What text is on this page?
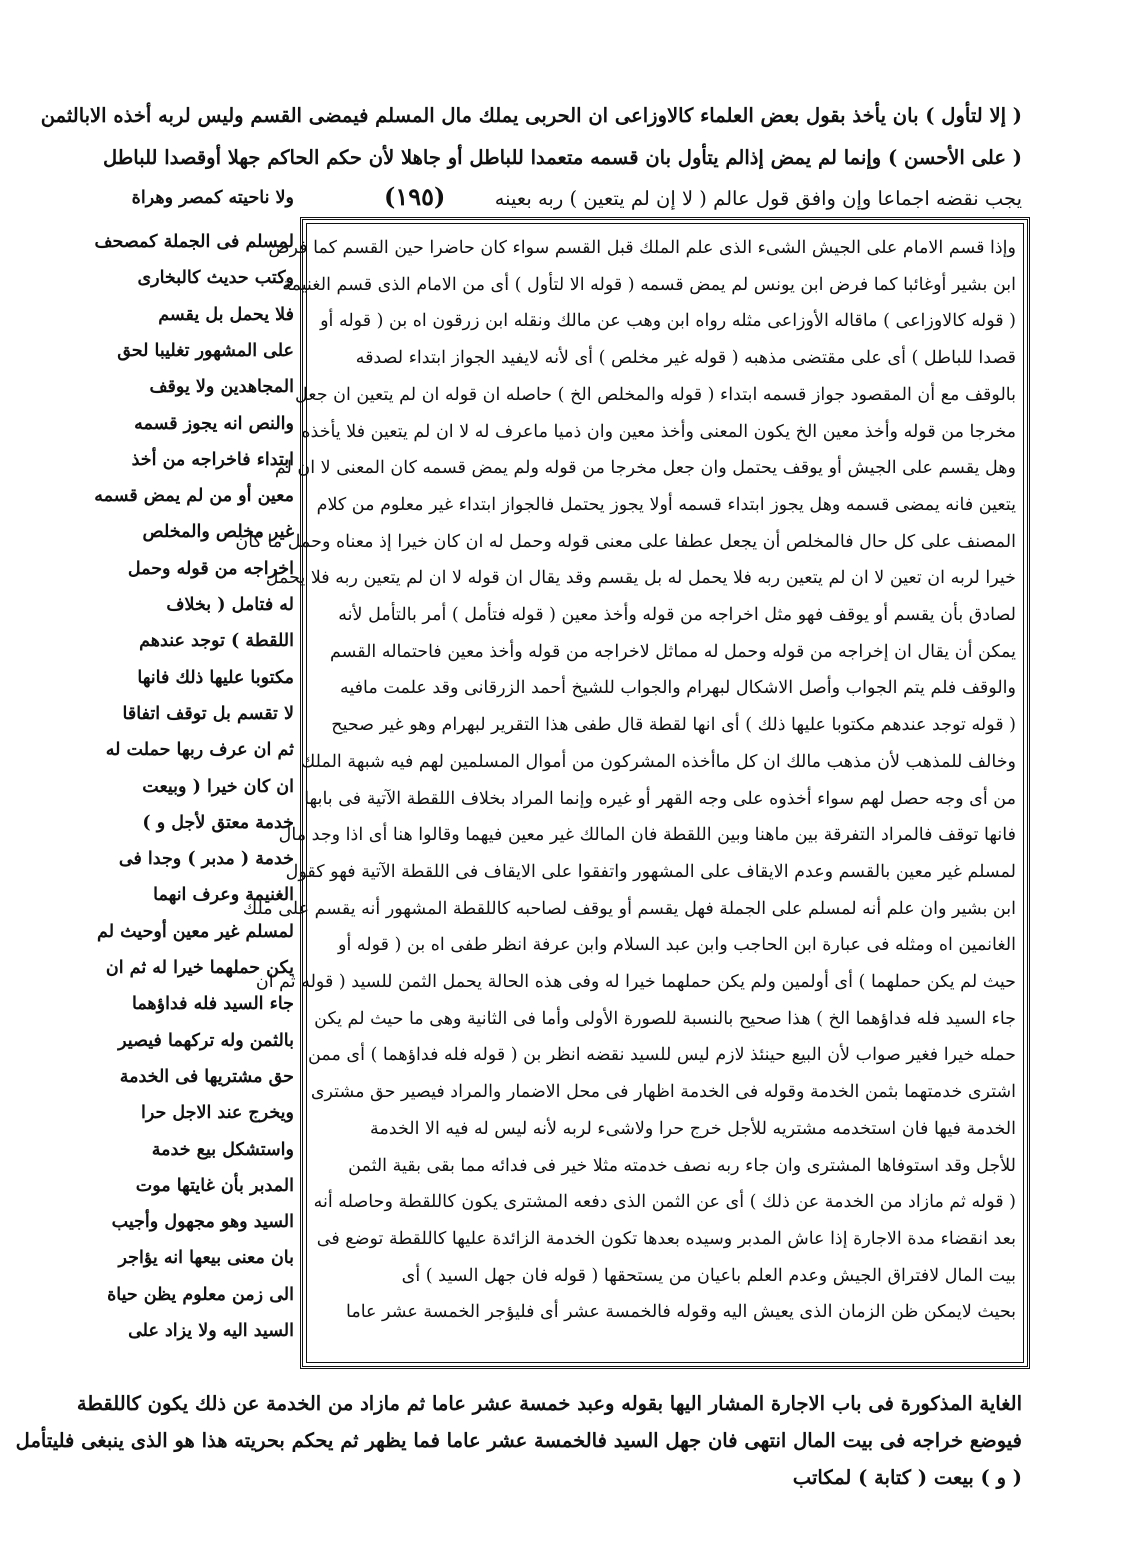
( إلا لتأول ) بان يأخذ بقول بعض العلماء كالاوزاعى ان الحربى يملك مال المسلم فيمضى القسم وليس لربه أخذه الابالثمن
( على الأحسن ) وإنما لم يمض إذالم يتأول بان قسمه متعمدا للباطل أو جاهلا لأن حكم الحاكم جهلا أوقصدا للباطل
يجب نقضه اجماعا وإن وافق قول عالم ( لا إن لم يتعين ) ربه بعينه
(١٩٥)
ولا ناحيته كمصر وهراة
وإذا قسم الامام على الجيش الشىء الذى علم الملك قبل القسم سواء كان حاضرا حين القسم كما فرض
ابن بشير أوغائبا كما فرض ابن يونس لم يمض قسمه ( قوله الا لتأول ) أى من الامام الذى قسم الغنيمة
( قوله كالاوزاعى ) ماقاله الأوزاعى مثله رواه ابن وهب عن مالك ونقله ابن زرقون اه بن ( قوله أو
قصدا للباطل ) أى على مقتضى مذهبه ( قوله غير مخلص ) أى لأنه لايفيد الجواز ابتداء لصدقه
بالوقف مع أن المقصود جواز قسمه ابتداء ( قوله والمخلص الخ ) حاصله ان قوله ان لم يتعين ان جعل
مخرجا من قوله وأخذ معين الخ يكون المعنى وأخذ معين وان ذميا ماعرف له لا ان لم يتعين فلا يأخذه
وهل يقسم على الجيش أو يوقف يحتمل وان جعل مخرجا من قوله ولم يمض قسمه كان المعنى لا ان لم
يتعين فانه يمضى قسمه وهل يجوز ابتداء قسمه أولا يجوز يحتمل فالجواز ابتداء غير معلوم من كلام
المصنف على كل حال فالمخلص أن يجعل عطفا على معنى قوله وحمل له ان كان خيرا إذ معناه وحمل ما كان
خيرا لربه ان تعين لا ان لم يتعين ربه فلا يحمل له بل يقسم وقد يقال ان قوله لا ان لم يتعين ربه فلا يحمل
لصادق بأن يقسم أو يوقف فهو مثل اخراجه من قوله وأخذ معين ( قوله فتأمل ) أمر بالتأمل لأنه
يمكن أن يقال ان إخراجه من قوله وحمل له مماثل لاخراجه من قوله وأخذ معين فاحتماله القسم
والوقف فلم يتم الجواب وأصل الاشكال لبهرام والجواب للشيخ أحمد الزرقانى وقد علمت مافيه
( قوله توجد عندهم مكتوبا عليها ذلك ) أى انها لقطة قال طفى هذا التقرير لبهرام وهو غير صحيح
وخالف للمذهب لأن مذهب مالك ان كل ماأخذه المشركون من أموال المسلمين لهم فيه شبهة الملك
من أى وجه حصل لهم سواء أخذوه على وجه القهر أو غيره وإنما المراد بخلاف اللقطة الآتية فى بابها
فانها توقف فالمراد التفرقة بين ماهنا وبين اللقطة فان المالك غير معين فيهما وقالوا هنا أى اذا وجد مال
لمسلم غير معين بالقسم وعدم الايقاف على المشهور واتفقوا على الايقاف فى اللقطة الآتية فهو كقول
ابن بشير وان علم أنه لمسلم على الجملة فهل يقسم أو يوقف لصاحبه كاللقطة المشهور أنه يقسم على ملك
الغانمين اه ومثله فى عبارة ابن الحاجب وابن عبد السلام وابن عرفة انظر طفى اه بن ( قوله أو
حيث لم يكن حملهما ) أى أولمين ولم يكن حملهما خيرا له وفى هذه الحالة يحمل الثمن للسيد ( قوله ثم ان
جاء السيد فله فداؤهما الخ ) هذا صحيح بالنسبة للصورة الأولى وأما فى الثانية وهى ما حيث لم يكن
حمله خيرا فغير صواب لأن البيع حينئذ لازم ليس للسيد نقضه انظر بن ( قوله فله فداؤهما ) أى ممن
اشترى خدمتهما بثمن الخدمة وقوله فى الخدمة اظهار فى محل الاضمار والمراد فيصير حق مشترى
الخدمة فيها فان استخدمه مشتريه للأجل خرج حرا ولاشىء لربه لأنه ليس له فيه الا الخدمة
للأجل وقد استوفاها المشترى وان جاء ربه نصف خدمته مثلا خير فى فدائه مما بقى بقية الثمن
( قوله ثم مازاد من الخدمة عن ذلك ) أى عن الثمن الذى دفعه المشترى يكون كاللقطة وحاصله أنه
بعد انقضاء مدة الاجارة إذا عاش المدبر وسيده بعدها تكون الخدمة الزائدة عليها كاللقطة توضع فى
بيت المال لافتراق الجيش وعدم العلم باعيان من يستحقها ( قوله فان جهل السيد ) أى
بحيث لايمكن ظن الزمان الذى يعيش اليه وقوله فالخمسة عشر أى فليؤجر الخمسة عشر عاما
لمسلم فى الجملة كمصحف
وكتب حديث كالبخارى
فلا يحمل بل يقسم
على المشهور تغليبا لحق
المجاهدين ولا يوقف
والنص انه يجوز قسمه
ابتداء فاخراجه من أخذ
معين أو من لم يمض قسمه
غير مخلص والمخلص
اخراجه من قوله وحمل
له فتامل ( بخلاف
اللقطة ) توجد عندهم
مكتوبا عليها ذلك فانها
لا تقسم بل توقف اتفاقا
ثم ان عرف ربها حملت له
ان كان خيرا ( وبيعت
خدمة معتق لأجل و )
خدمة ( مدبر ) وجدا فى
الغنيمة وعرف انهما
لمسلم غير معين أوحيث لم
يكن حملهما خيرا له ثم ان
جاء السيد فله فداؤهما
بالثمن وله تركهما فيصير
حق مشتريها فى الخدمة
ويخرج عند الاجل حرا
واستشكل بيع خدمة
المدبر بأن غايتها موت
السيد وهو مجهول وأجيب
بان معنى بيعها انه يؤاجر
الى زمن معلوم يظن حياة
السيد اليه ولا يزاد على
الغاية المذكورة فى باب الاجارة المشار اليها بقوله وعبد خمسة عشر عاما ثم مازاد من الخدمة عن ذلك يكون كاللقطة
فيوضع خراجه فى بيت المال انتهى فان جهل السيد فالخمسة عشر عاما فما يظهر ثم يحكم بحريته هذا هو الذى ينبغى فليتأمل
( و ) بيعت ( كتابة ) لمكاتب
